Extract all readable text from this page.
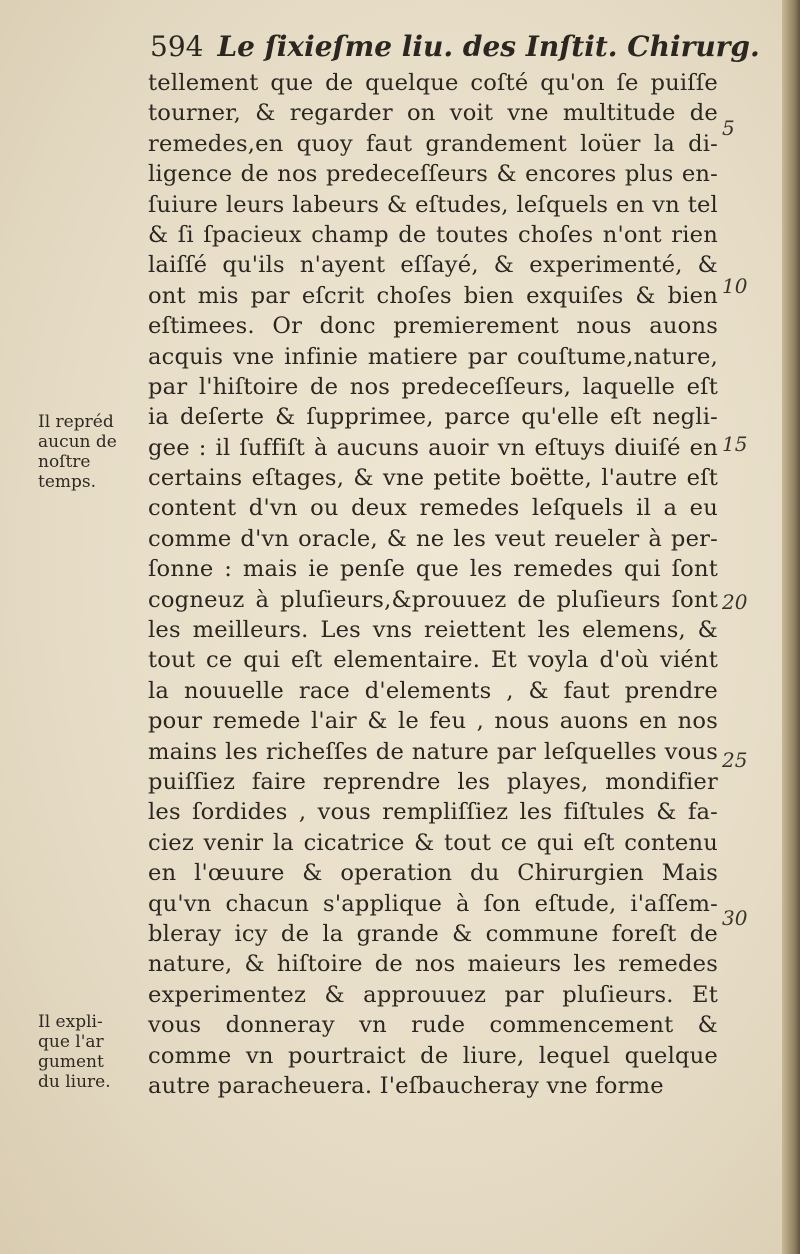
594 Le ſixieſme liu. des Inſtit. Chirurg.
Il repréd
aucun de
noſtre
temps.
Il expli-
que l'ar
gument
du liure.
tellement que de quelque coſté qu'on ſe puiſſe
tourner, & regarder on voit vne multitude de
remedes,en quoy faut grandement loüer la di-
ligence de nos predeceſſeurs & encores plus en-
ſuiure leurs labeurs & eſtudes, leſquels en vn tel
& ſi ſpacieux champ de toutes choſes n'ont rien
laiſſé qu'ils n'ayent eſſayé, & experimenté, &
ont mis par eſcrit choſes bien exquiſes & bien
eſtimees. Or donc premierement nous auons
acquis vne infinie matiere par couſtume,nature,
par l'hiſtoire de nos predeceſſeurs, laquelle eſt
ia deſerte & ſupprimee, parce qu'elle eſt negli-
gee : il ſuffiſt à aucuns auoir vn eſtuys diuiſé en
certains eſtages, & vne petite boëtte, l'autre eſt
content d'vn ou deux remedes leſquels il a eu
comme d'vn oracle, & ne les veut reueler à per-
ſonne : mais ie penſe que les remedes qui ſont
cogneuz à pluſieurs,&prouuez de pluſieurs ſont
les meilleurs. Les vns reiettent les elemens, &
tout ce qui eſt elementaire. Et voyla d'où viént
la nouuelle race d'elements , & faut prendre
pour remede l'air & le feu , nous auons en nos
mains les richeſſes de nature par leſquelles vous
puiſſiez faire reprendre les playes, mondifier
les ſordides , vous rempliſſiez les fiſtules & fa-
ciez venir la cicatrice & tout ce qui eſt contenu
en l'œuure & operation du Chirurgien Mais
qu'vn chacun s'applique à ſon eſtude, i'aſſem-
bleray icy de la grande & commune foreſt de
nature, & hiſtoire de nos maieurs les remedes
experimentez & approuuez par pluſieurs. Et
vous donneray vn rude commencement &
comme vn pourtraict de liure, lequel quelque
autre paracheuera. I'eſbaucheray vne forme
5
10
15
20
25
30
